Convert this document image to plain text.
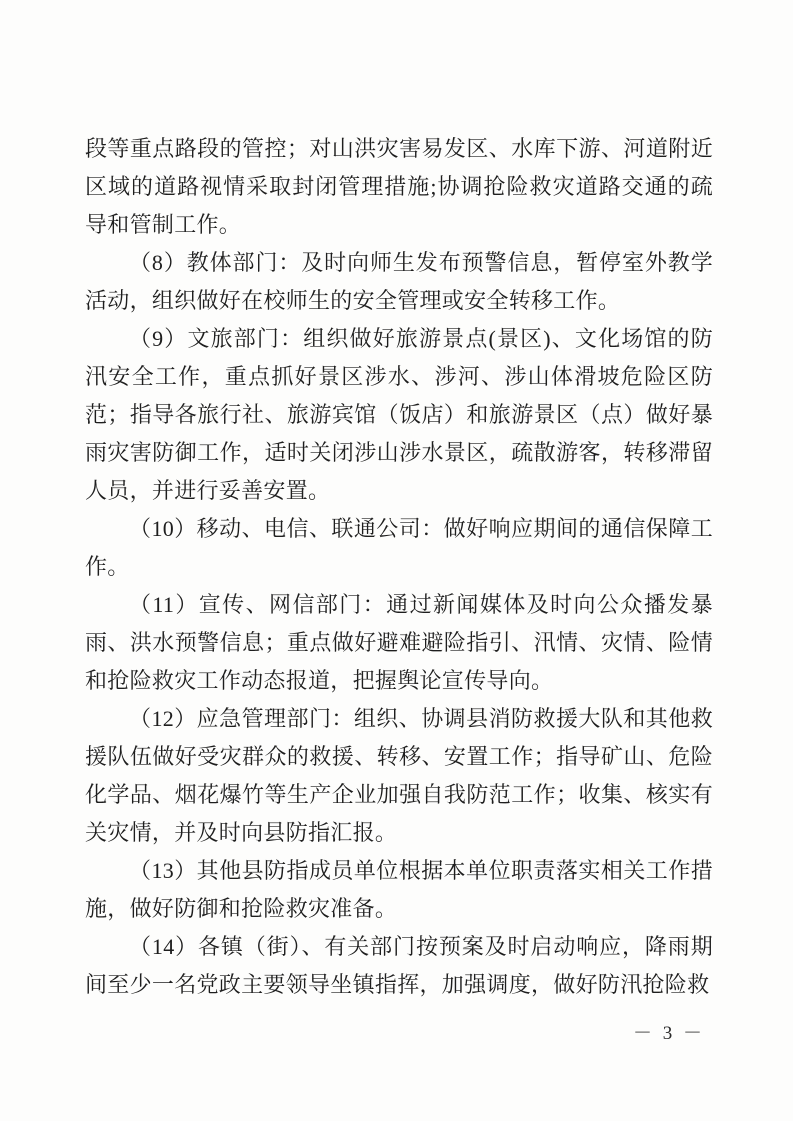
段等重点路段的管控；对山洪灾害易发区、水库下游、河道附近区域的道路视情采取封闭管理措施;协调抢险救灾道路交通的疏导和管制工作。

（8）教体部门：及时向师生发布预警信息，暂停室外教学活动，组织做好在校师生的安全管理或安全转移工作。

（9）文旅部门：组织做好旅游景点(景区)、文化场馆的防汛安全工作，重点抓好景区涉水、涉河、涉山体滑坡危险区防范；指导各旅行社、旅游宾馆（饭店）和旅游景区（点）做好暴雨灾害防御工作，适时关闭涉山涉水景区，疏散游客，转移滞留人员，并进行妥善安置。

（10）移动、电信、联通公司：做好响应期间的通信保障工作。

（11）宣传、网信部门：通过新闻媒体及时向公众播发暴雨、洪水预警信息；重点做好避难避险指引、汛情、灾情、险情和抢险救灾工作动态报道，把握舆论宣传导向。

（12）应急管理部门：组织、协调县消防救援大队和其他救援队伍做好受灾群众的救援、转移、安置工作；指导矿山、危险化学品、烟花爆竹等生产企业加强自我防范工作；收集、核实有关灾情，并及时向县防指汇报。

（13）其他县防指成员单位根据本单位职责落实相关工作措施，做好防御和抢险救灾准备。

（14）各镇（街）、有关部门按预案及时启动响应，降雨期间至少一名党政主要领导坐镇指挥，加强调度，做好防汛抢险救

－ 3 －
